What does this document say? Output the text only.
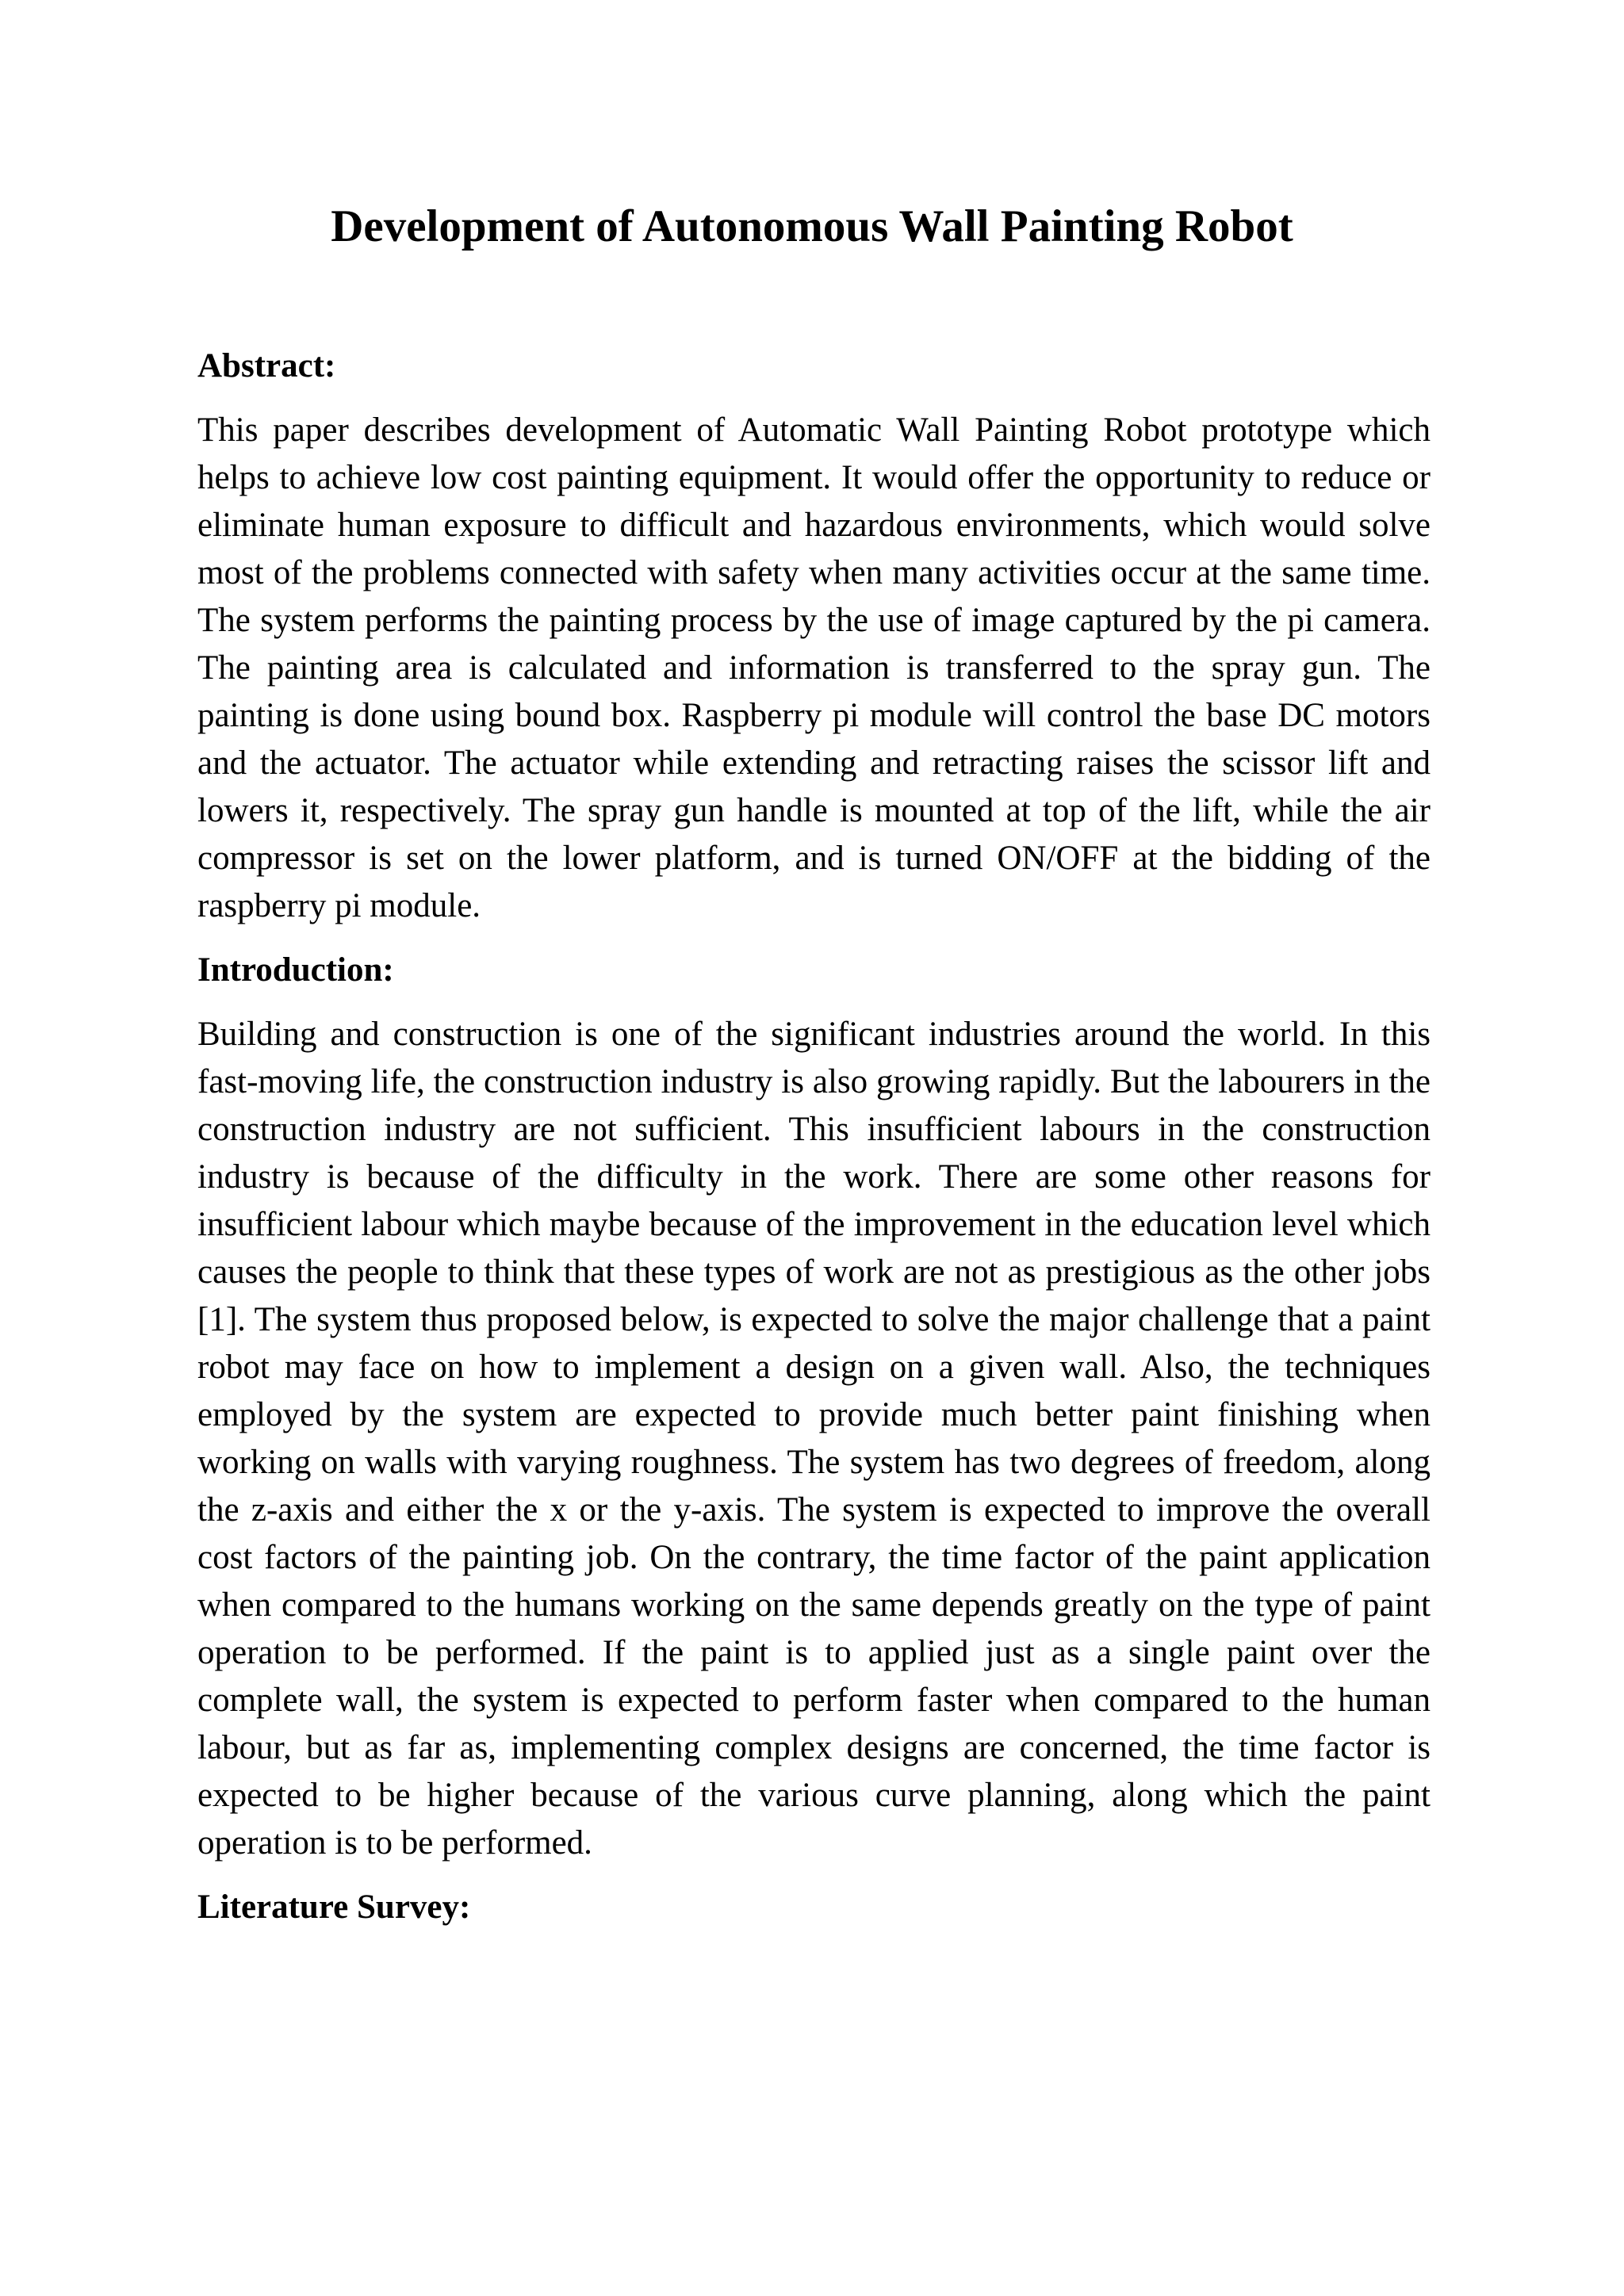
Development of Autonomous Wall Painting Robot
Abstract:

This paper describes development of Automatic Wall Painting Robot prototype which helps to achieve low cost painting equipment. It would offer the opportunity to reduce or eliminate human exposure to difficult and hazardous environments, which would solve most of the problems connected with safety when many activities occur at the same time. The system performs the painting process by the use of image captured by the pi camera. The painting area is calculated and information is transferred to the spray gun. The painting is done using bound box. Raspberry pi module will control the base DC motors and the actuator. The actuator while extending and retracting raises the scissor lift and lowers it, respectively. The spray gun handle is mounted at top of the lift, while the air compressor is set on the lower platform, and is turned ON/OFF at the bidding of the raspberry pi module.

Introduction:

Building and construction is one of the significant industries around the world. In this fast-moving life, the construction industry is also growing rapidly. But the labourers in the construction industry are not sufficient. This insufficient labours in the construction industry is because of the difficulty in the work. There are some other reasons for insufficient labour which maybe because of the improvement in the education level which causes the people to think that these types of work are not as prestigious as the other jobs [1]. The system thus proposed below, is expected to solve the major challenge that a paint robot may face on how to implement a design on a given wall. Also, the techniques employed by the system are expected to provide much better paint finishing when working on walls with varying roughness. The system has two degrees of freedom, along the z-axis and either the x or the y-axis. The system is expected to improve the overall cost factors of the painting job. On the contrary, the time factor of the paint application when compared to the humans working on the same depends greatly on the type of paint operation to be performed. If the paint is to applied just as a single paint over the complete wall, the system is expected to perform faster when compared to the human labour, but as far as, implementing complex designs are concerned, the time factor is expected to be higher because of the various curve planning, along which the paint operation is to be performed.

Literature Survey:
